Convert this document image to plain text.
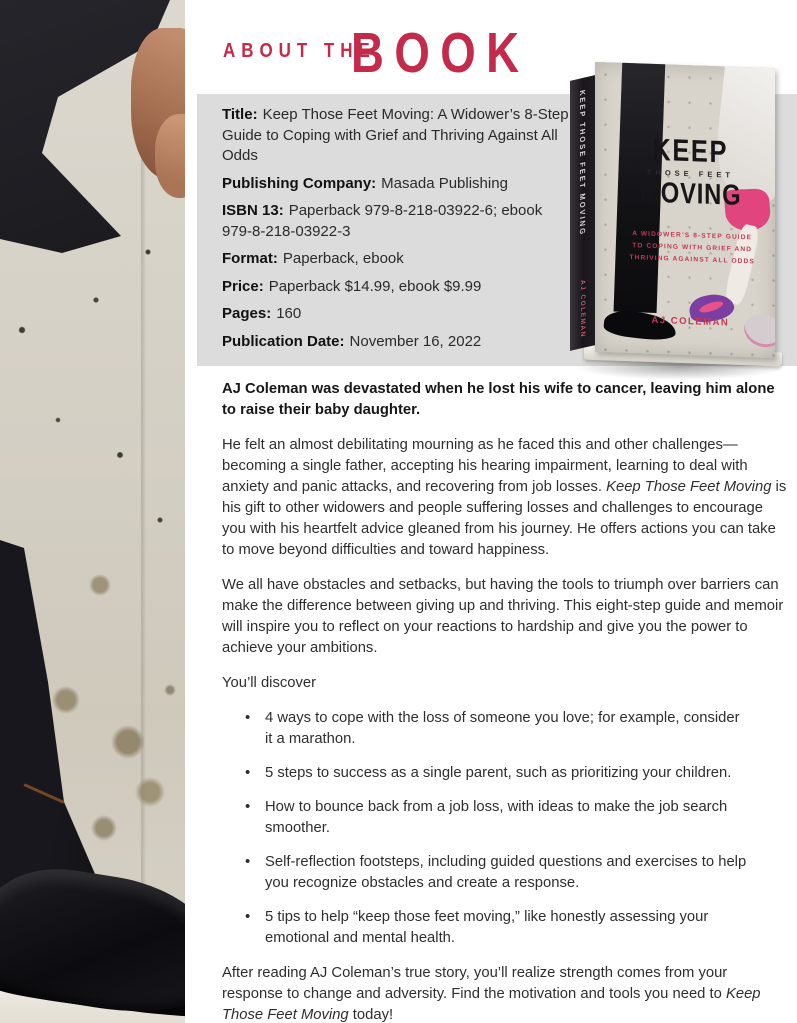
ABOUT THE
BOOK

Title: Keep Those Feet Moving: A Widower’s 8-Step Guide to Coping with Grief and Thriving Against All Odds

Publishing Company: Masada Publishing

ISBN 13: Paperback 979-8-218-03922-6; ebook 979-8-218-03922-3

Format: Paperback, ebook

Price: Paperback $14.99, ebook $9.99

Pages: 160

Publication Date: November 16, 2022

KEEP THOSE FEET MOVING
AJ COLEMAN
KEEP
THOSE FEET
MOVING
A WIDOWER’S 8-STEP GUIDE TO COPING WITH GRIEF AND THRIVING AGAINST ALL ODDS
AJ COLEMAN

AJ Coleman was devastated when he lost his wife to cancer, leaving him alone to raise their baby daughter.

He felt an almost debilitating mourning as he faced this and other challenges—becoming a single father, accepting his hearing impairment, learning to deal with anxiety and panic attacks, and recovering from job losses. Keep Those Feet Moving is his gift to other widowers and people suffering losses and challenges to encourage you with his heartfelt advice gleaned from his journey. He offers actions you can take to move beyond difficulties and toward happiness.

We all have obstacles and setbacks, but having the tools to triumph over barriers can make the difference between giving up and thriving. This eight-step guide and memoir will inspire you to reflect on your reactions to hardship and give you the power to achieve your ambitions.

You’ll discover

• 4 ways to cope with the loss of someone you love; for example, consider it a marathon.
• 5 steps to success as a single parent, such as prioritizing your children.
• How to bounce back from a job loss, with ideas to make the job search smoother.
• Self-reflection footsteps, including guided questions and exercises to help you recognize obstacles and create a response.
• 5 tips to help “keep those feet moving,” like honestly assessing your emotional and mental health.

After reading AJ Coleman’s true story, you’ll realize strength comes from your response to change and adversity. Find the motivation and tools you need to Keep Those Feet Moving today!
